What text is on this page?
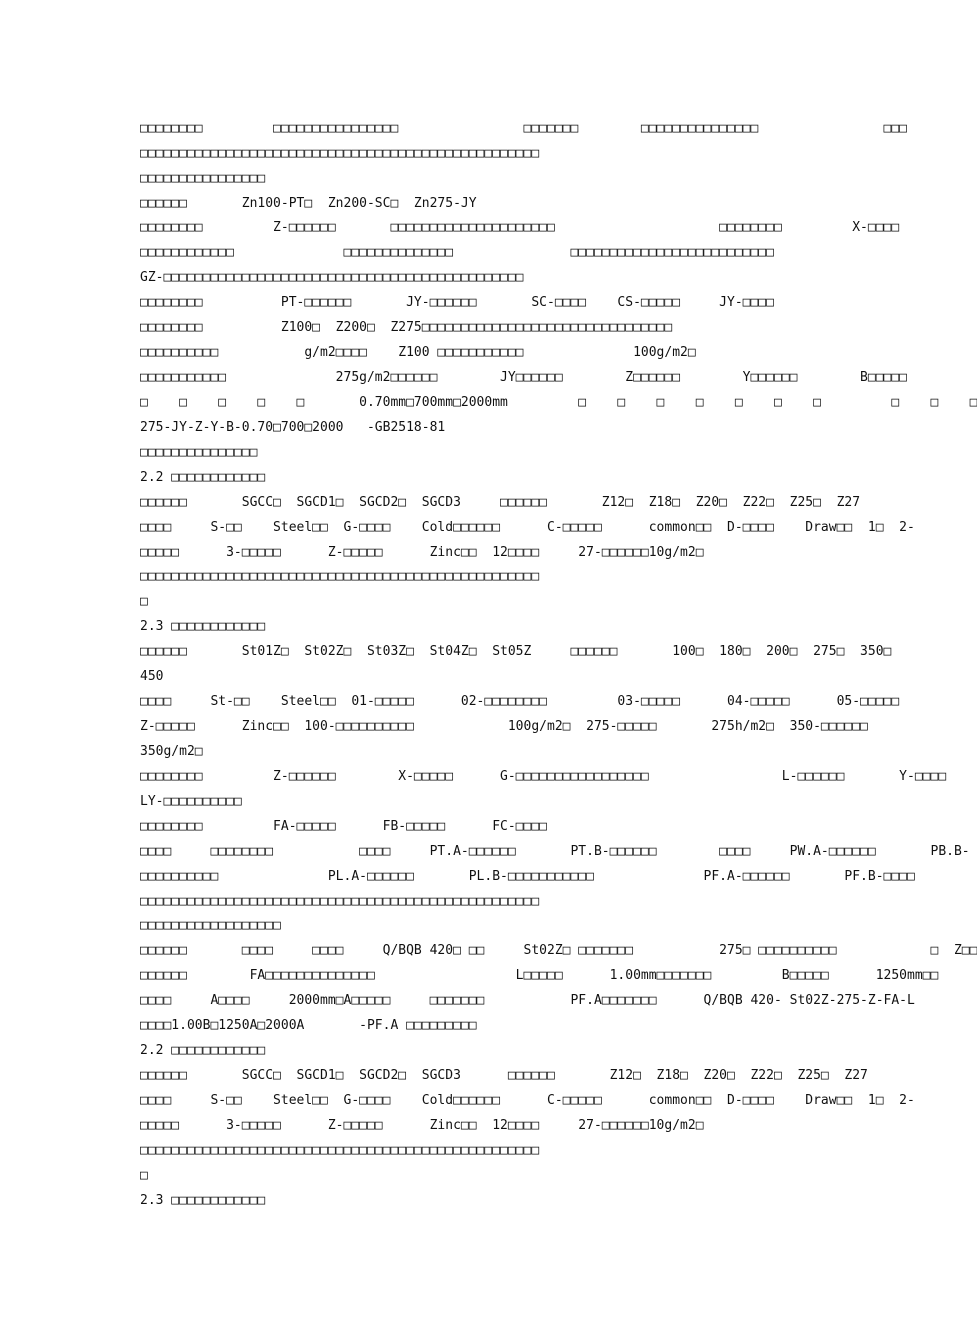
□□□□□□□□         □□□□□□□□□□□□□□□□                □□□□□□□        □□□□□□□□□□□□□□□                □□□
□□□□□□□□□□□□□□□□□□□□□□□□□□□□□□□□□□□□□□□□□□□□□□□□□□□
□□□□□□□□□□□□□□□□
□□□□□□       Zn100-PT□  Zn200-SC□  Zn275-JY
□□□□□□□□         Z-□□□□□□       □□□□□□□□□□□□□□□□□□□□□                     □□□□□□□□         X-□□□□
□□□□□□□□□□□□              □□□□□□□□□□□□□□               □□□□□□□□□□□□□□□□□□□□□□□□□□
GZ-□□□□□□□□□□□□□□□□□□□□□□□□□□□□□□□□□□□□□□□□□□□□□□
□□□□□□□□          PT-□□□□□□       JY-□□□□□□       SC-□□□□    CS-□□□□□     JY-□□□□
□□□□□□□□          Z100□  Z200□  Z275□□□□□□□□□□□□□□□□□□□□□□□□□□□□□□□□
□□□□□□□□□□           g/m2□□□□    Z100 □□□□□□□□□□□              100g/m2□
□□□□□□□□□□□              275g/m2□□□□□□        JY□□□□□□        Z□□□□□□        Y□□□□□□        B□□□□□
□    □    □    □    □       0.70mm□700mm□2000mm         □    □    □    □    □    □    □         □    □    □
275-JY-Z-Y-B-0.70□700□2000   -GB2518-81
□□□□□□□□□□□□□□□
2.2 □□□□□□□□□□□□
□□□□□□       SGCC□  SGCD1□  SGCD2□  SGCD3     □□□□□□       Z12□  Z18□  Z20□  Z22□  Z25□  Z27
□□□□     S-□□    Steel□□  G-□□□□    Cold□□□□□□      C-□□□□□      common□□  D-□□□□    Draw□□  1□  2-
□□□□□      3-□□□□□      Z-□□□□□      Zinc□□  12□□□□     27-□□□□□□10g/m2□
□□□□□□□□□□□□□□□□□□□□□□□□□□□□□□□□□□□□□□□□□□□□□□□□□□□
□
2.3 □□□□□□□□□□□□
□□□□□□       St01Z□  St02Z□  St03Z□  St04Z□  St05Z     □□□□□□       100□  180□  200□  275□  350□
450
□□□□     St-□□    Steel□□  01-□□□□□      02-□□□□□□□□         03-□□□□□      04-□□□□□      05-□□□□□
Z-□□□□□      Zinc□□  100-□□□□□□□□□□            100g/m2□  275-□□□□□       275h/m2□  350-□□□□□□
350g/m2□
□□□□□□□□         Z-□□□□□□        X-□□□□□      G-□□□□□□□□□□□□□□□□□                 L-□□□□□□       Y-□□□□
LY-□□□□□□□□□□
□□□□□□□□         FA-□□□□□      FB-□□□□□      FC-□□□□
□□□□     □□□□□□□□           □□□□     PT.A-□□□□□□       PT.B-□□□□□□        □□□□     PW.A-□□□□□□       PB.B-
□□□□□□□□□□              PL.A-□□□□□□       PL.B-□□□□□□□□□□□              PF.A-□□□□□□       PF.B-□□□□
□□□□□□□□□□□□□□□□□□□□□□□□□□□□□□□□□□□□□□□□□□□□□□□□□□□
□□□□□□□□□□□□□□□□□□
□□□□□□       □□□□     □□□□     Q/BQB 420□ □□     St02Z□ □□□□□□□           275□ □□□□□□□□□□            □  Z□□
□□□□□□        FA□□□□□□□□□□□□□□                  L□□□□□      1.00mm□□□□□□□         B□□□□□      1250mm□□
□□□□     A□□□□     2000mm□A□□□□□     □□□□□□□           PF.A□□□□□□□      Q/BQB 420- St02Z-275-Z-FA-L
□□□□1.00B□1250A□2000A       -PF.A □□□□□□□□□
2.2 □□□□□□□□□□□□
□□□□□□       SGCC□  SGCD1□  SGCD2□  SGCD3      □□□□□□       Z12□  Z18□  Z20□  Z22□  Z25□  Z27
□□□□     S-□□    Steel□□  G-□□□□    Cold□□□□□□      C-□□□□□      common□□  D-□□□□    Draw□□  1□  2-
□□□□□      3-□□□□□      Z-□□□□□      Zinc□□  12□□□□     27-□□□□□□10g/m2□
□□□□□□□□□□□□□□□□□□□□□□□□□□□□□□□□□□□□□□□□□□□□□□□□□□□
□
2.3 □□□□□□□□□□□□
